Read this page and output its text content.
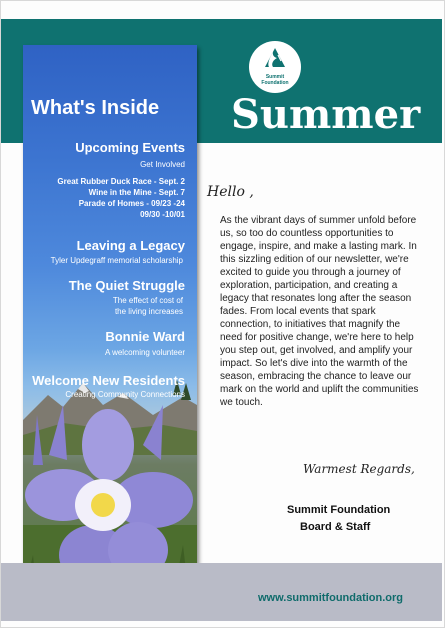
Summit
Foundation
Summer
What's Inside
Upcoming Events
Get Involved
Great Rubber Duck Race - Sept. 2
Wine in the Mine - Sept. 7
Parade of Homes - 09/23 -24
09/30 -10/01
Leaving a Legacy
Tyler Updegraff memorial scholarship
The Quiet Struggle
The effect of cost of
the living increases
Bonnie Ward
A welcoming volunteer
Welcome New Residents
Creating Community Connections
Hello ,
As the vibrant days of summer unfold before us, so too do countless opportunities to engage, inspire, and make a lasting mark. In this sizzling edition of our newsletter, we're excited to guide you through a journey of exploration, participation, and creating a legacy that resonates long after the season fades. From local events that spark connection, to initiatives that magnify the need for positive change, we're here to help you step out, get involved, and amplify your impact. So let's dive into the warmth of the season, embracing the chance to leave our mark on the world and uplift the communities we touch.
Warmest Regards,
Summit Foundation
Board & Staff
www.summitfoundation.org
